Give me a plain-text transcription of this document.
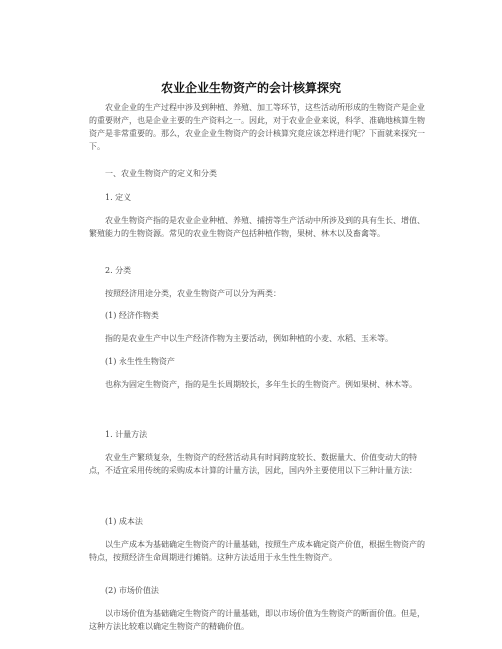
农业企业生物资产的会计核算探究

农业企业的生产过程中涉及到种植、养殖、加工等环节，这些活动所形成的生物资产是企业的重要财产，也是企业主要的生产资料之一。因此，对于农业企业来说，科学、准确地核算生物资产是非常重要的。那么，农业企业生物资产的会计核算究竟应该怎样进行呢？下面就来探究一下。

一、农业生物资产的定义和分类

1. 定义

农业生物资产指的是农业企业种植、养殖、捕捞等生产活动中所涉及到的具有生长、增值、繁殖能力的生物资源。常见的农业生物资产包括种植作物，果树、林木以及畜禽等。

2. 分类

按照经济用途分类，农业生物资产可以分为两类：

(1) 经济作物类

指的是农业生产中以生产经济作物为主要活动，例如种植的小麦、水稻、玉米等。

(1) 永生性生物资产

也称为固定生物资产，指的是生长周期较长，多年生长的生物资产。例如果树、林木等。

1. 计量方法

农业生产繁琐复杂，生物资产的经营活动具有时间跨度较长、数据量大、价值变动大的特点，不适宜采用传统的采购成本计算的计量方法，因此，国内外主要使用以下三种计量方法：

(1) 成本法

以生产成本为基础确定生物资产的计量基础，按照生产成本确定资产价值，根据生物资产的特点，按照经济生命周期进行摊销。这种方法适用于永生性生物资产。

(2) 市场价值法

以市场价值为基础确定生物资产的计量基础，即以市场价值为生物资产的断面价值。但是，这种方法比较难以确定生物资产的精确价值。
